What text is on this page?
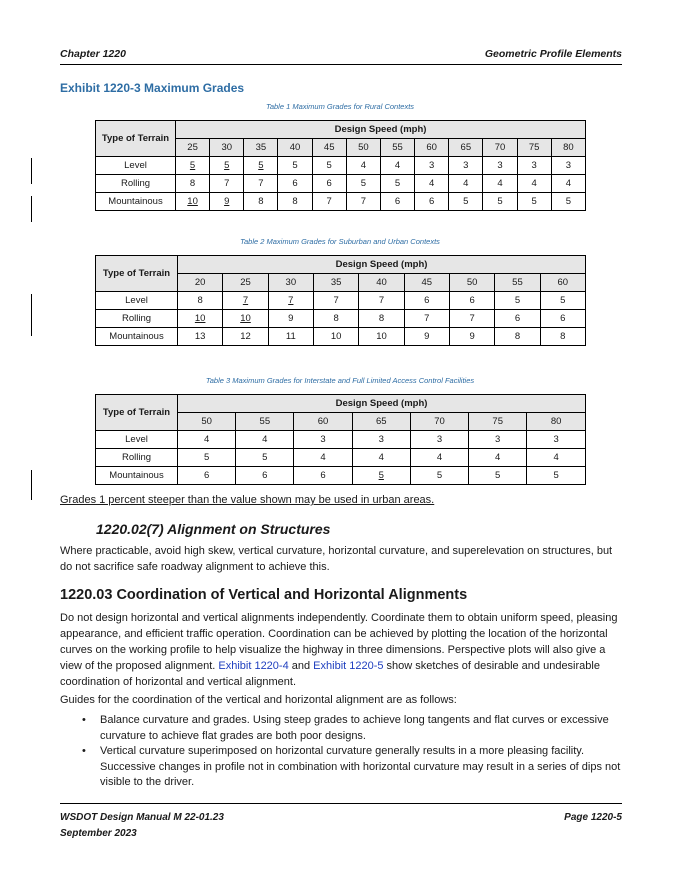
Chapter 1220	Geometric Profile Elements
Exhibit 1220-3 Maximum Grades
Table 1 Maximum Grades for Rural Contexts
Type of Terrain	Design Speed (mph)											
	25	30	35	40	45	50	55	60	65	70	75	80
Level	5	5	5	5	5	4	4	3	3	3	3	3
Rolling	8	7	7	6	6	5	5	4	4	4	4	4
Mountainous	10	9	8	8	7	7	6	6	5	5	5	5
Table 2 Maximum Grades for Suburban and Urban Contexts
Type of Terrain	Design Speed (mph)								
	20	25	30	35	40	45	50	55	60
Level	8	7	7	7	7	6	6	5	5
Rolling	10	10	9	8	8	7	7	6	6
Mountainous	13	12	11	10	10	9	9	8	8
Table 3 Maximum Grades for Interstate and Full Limited Access Control Facilities
Type of Terrain	Design Speed (mph)						
	50	55	60	65	70	75	80
Level	4	4	3	3	3	3	3
Rolling	5	5	4	4	4	4	4
Mountainous	6	6	6	5	5	5	5
Grades 1 percent steeper than the value shown may be used in urban areas.
1220.02(7) Alignment on Structures
Where practicable, avoid high skew, vertical curvature, horizontal curvature, and superelevation on structures, but do not sacrifice safe roadway alignment to achieve this.
1220.03 Coordination of Vertical and Horizontal Alignments
Do not design horizontal and vertical alignments independently. Coordinate them to obtain uniform speed, pleasing appearance, and efficient traffic operation. Coordination can be achieved by plotting the location of the horizontal curves on the working profile to help visualize the highway in three dimensions. Perspective plots will also give a view of the proposed alignment. Exhibit 1220-4 and Exhibit 1220-5 show sketches of desirable and undesirable coordination of horizontal and vertical alignment.
Guides for the coordination of the vertical and horizontal alignment are as follows:
• Balance curvature and grades. Using steep grades to achieve long tangents and flat curves or excessive curvature to achieve flat grades are both poor designs.
• Vertical curvature superimposed on horizontal curvature generally results in a more pleasing facility. Successive changes in profile not in combination with horizontal curvature may result in a series of dips not visible to the driver.
WSDOT Design Manual M 22-01.23
September 2023
Page 1220-5
